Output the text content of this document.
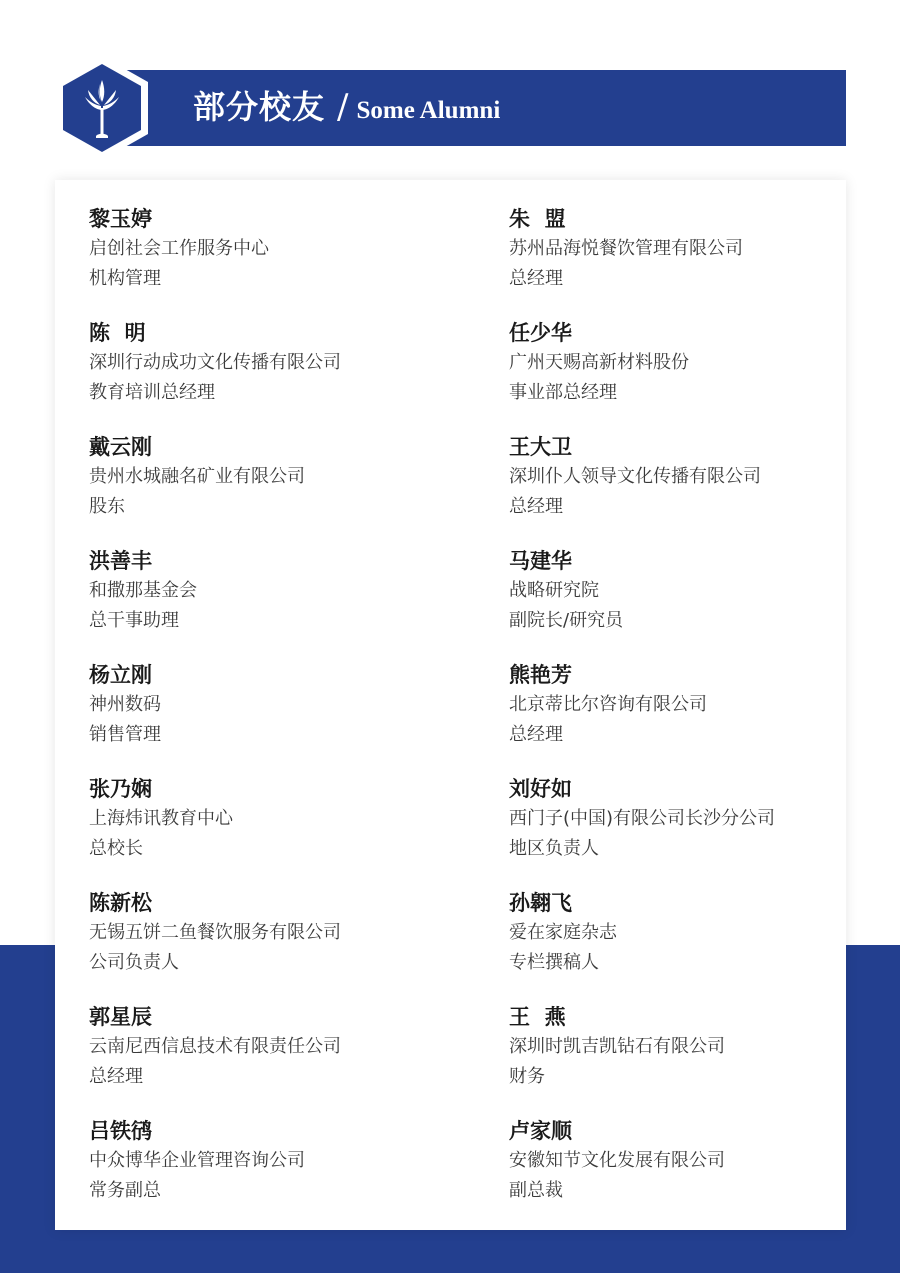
部分校友 / Some Alumni
黎玉婷
启创社会工作服务中心
机构管理
陈  明
深圳行动成功文化传播有限公司
教育培训总经理
戴云刚
贵州水城融名矿业有限公司
股东
洪善丰
和撒那基金会
总干事助理
杨立刚
神州数码
销售管理
张乃娴
上海炜讯教育中心
总校长
陈新松
无锡五饼二鱼餐饮服务有限公司
公司负责人
郭星辰
云南尼西信息技术有限责任公司
总经理
吕铁鸻
中众博华企业管理咨询公司
常务副总
朱  盟
苏州品海悦餐饮管理有限公司
总经理
任少华
广州天赐高新材料股份
事业部总经理
王大卫
深圳仆人领导文化传播有限公司
总经理
马建华
战略研究院
副院长/研究员
熊艳芳
北京蒂比尔咨询有限公司
总经理
刘好如
西门子(中国)有限公司长沙分公司
地区负责人
孙翱飞
爱在家庭杂志
专栏撰稿人
王  燕
深圳时凯吉凯钻石有限公司
财务
卢家顺
安徽知节文化发展有限公司
副总裁
